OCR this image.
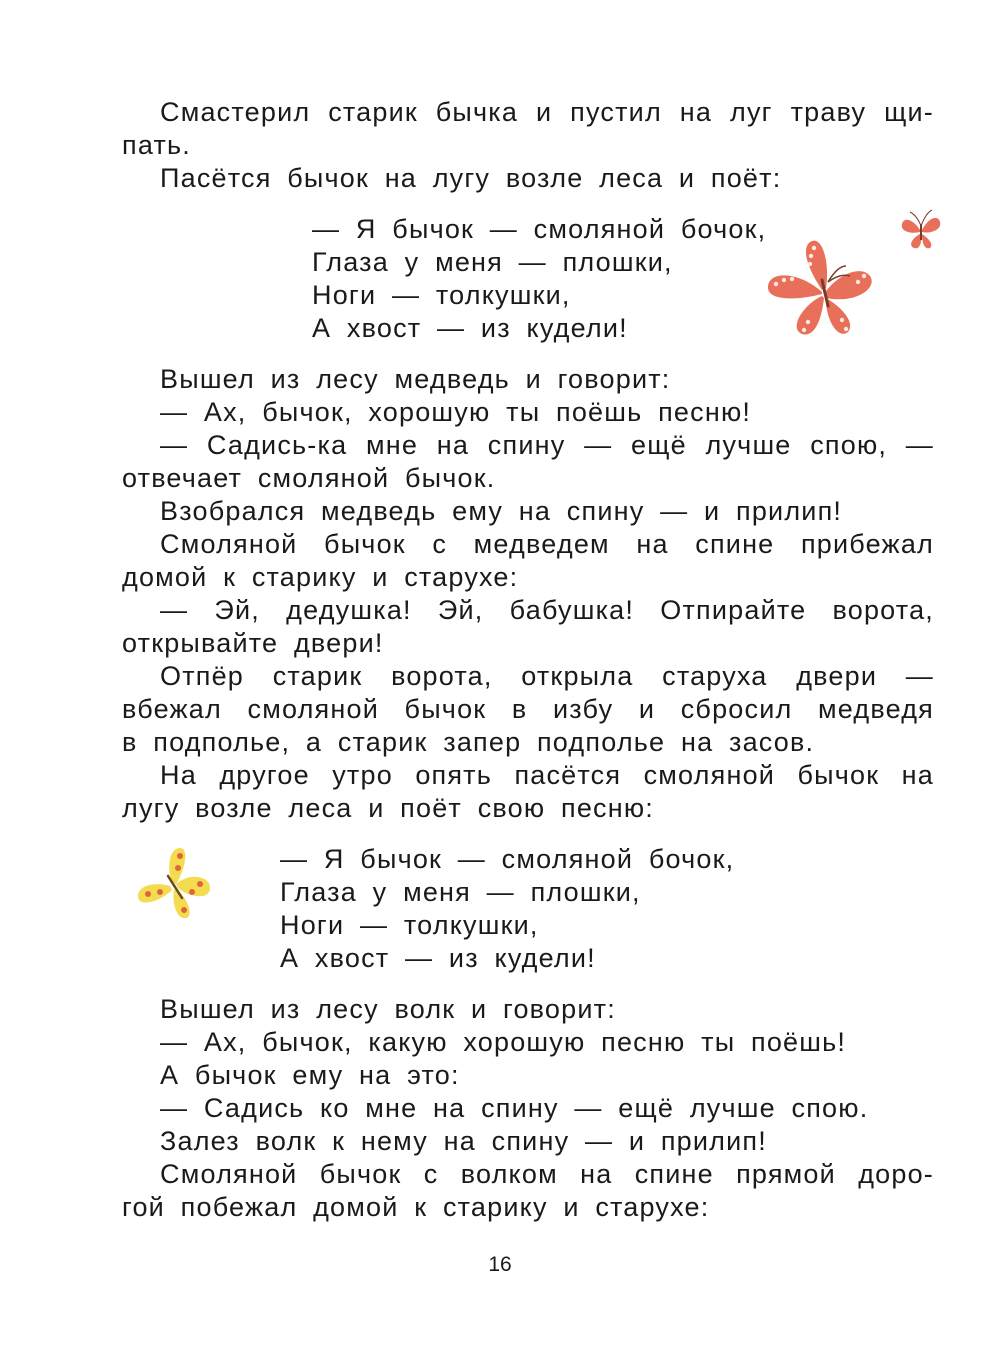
Смастерил старик бычка и пустил на луг траву щи-
пать.
Пасётся бычок на лугу возле леса и поёт:
— Я бычок — смоляной бочок,
Глаза у меня — плошки,
Ноги — толкушки,
А хвост — из кудели!
Вышел из лесу медведь и говорит:
— Ах, бычок, хорошую ты поёшь песню!
— Садись-ка мне на спину — ещё лучше спою, —
отвечает смоляной бычок.
Взобрался медведь ему на спину — и прилип!
Смоляной бычок с медведем на спине прибежал
домой к старику и старухе:
— Эй, дедушка! Эй, бабушка! Отпирайте ворота,
открывайте двери!
Отпёр старик ворота, открыла старуха двери —
вбежал смоляной бычок в избу и сбросил медведя
в подполье, а старик запер подполье на засов.
На другое утро опять пасётся смоляной бычок на
лугу возле леса и поёт свою песню:
— Я бычок — смоляной бочок,
Глаза у меня — плошки,
Ноги — толкушки,
А хвост — из кудели!
Вышел из лесу волк и говорит:
— Ах, бычок, какую хорошую песню ты поёшь!
А бычок ему на это:
— Садись ко мне на спину — ещё лучше спою.
Залез волк к нему на спину — и прилип!
Смоляной бычок с волком на спине прямой доро-
гой побежал домой к старику и старухе:
16
